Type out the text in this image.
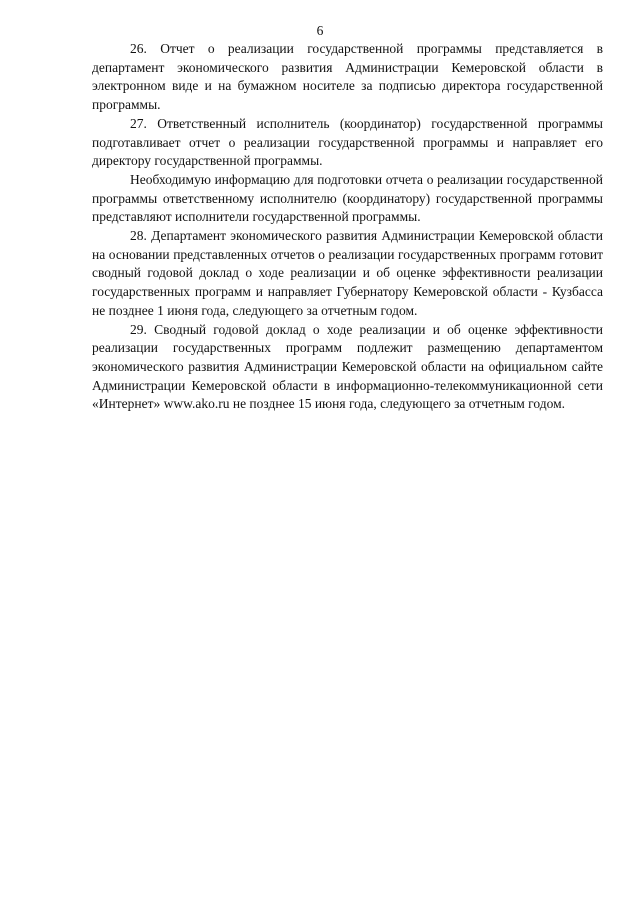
6

26. Отчет о реализации государственной программы представляется в департамент экономического развития Администрации Кемеровской области в электронном виде и на бумажном носителе за подписью директора государственной программы.

27. Ответственный исполнитель (координатор) государственной программы подготавливает отчет о реализации государственной программы и направляет его директору государственной программы.

Необходимую информацию для подготовки отчета о реализации государственной программы ответственному исполнителю (координатору) государственной программы представляют исполнители государственной программы.

28. Департамент экономического развития Администрации Кемеровской области на основании представленных отчетов о реализации государственных программ готовит сводный годовой доклад о ходе реализации и об оценке эффективности реализации государственных программ и направляет Губернатору Кемеровской области - Кузбасса не позднее 1 июня года, следующего за отчетным годом.

29. Сводный годовой доклад о ходе реализации и об оценке эффективности реализации государственных программ подлежит размещению департаментом экономического развития Администрации Кемеровской области на официальном сайте Администрации Кемеровской области в информационно-телекоммуникационной сети «Интернет» www.ako.ru не позднее 15 июня года, следующего за отчетным годом.
